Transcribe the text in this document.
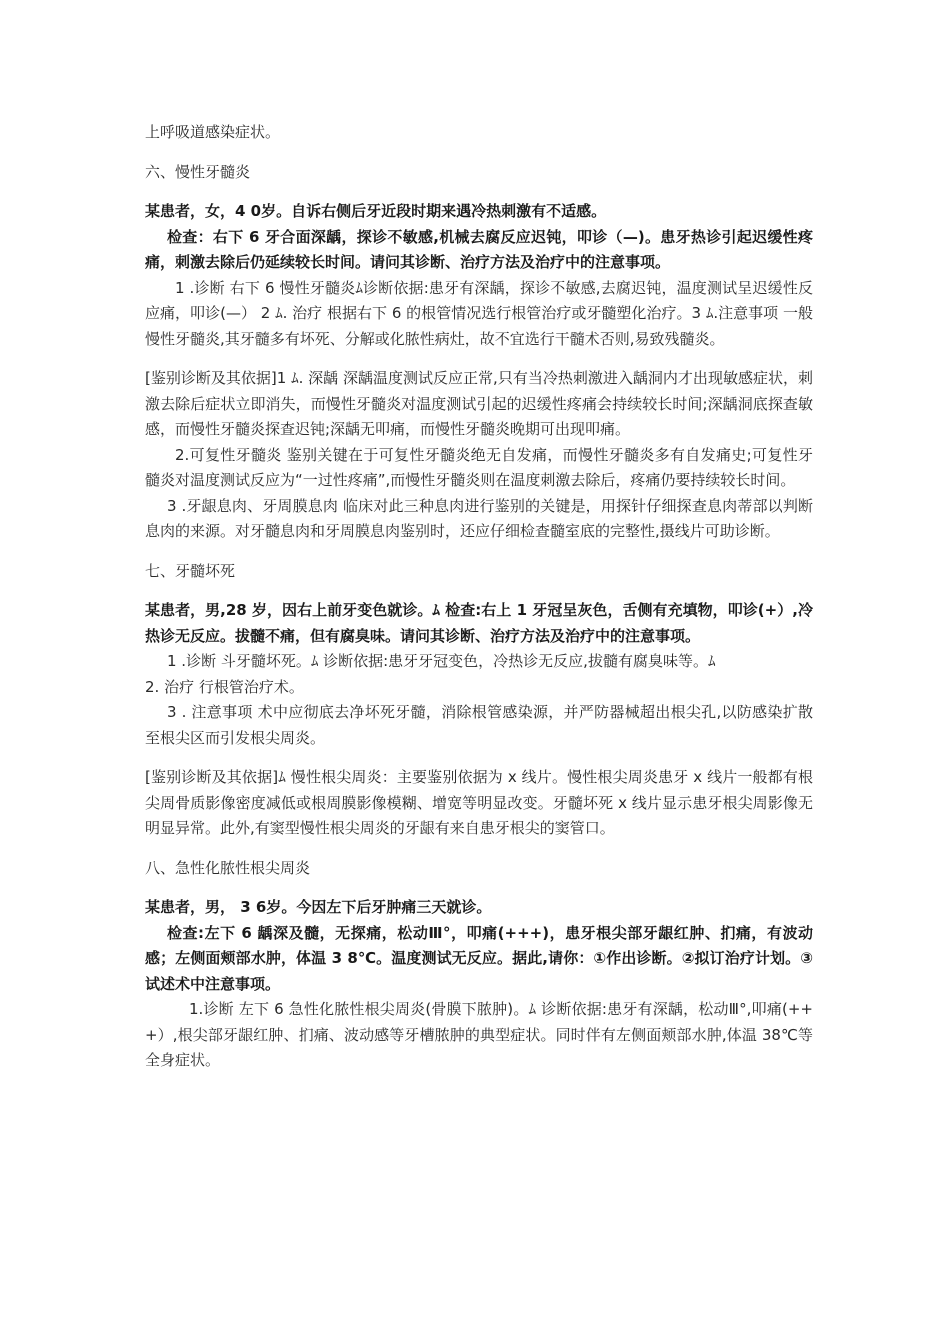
上呼吸道感染症状。

六、慢性牙髓炎

某患者，女，4 0岁。自诉右侧后牙近段时期来遇冷热刺激有不适感。

检查：右下 6 牙合面深龋，探诊不敏感,机械去腐反应迟钝，叩诊（—)。患牙热诊引起迟缓性疼痛，刺激去除后仍延续较长时间。请问其诊断、治疗方法及治疗中的注意事项。

1 .诊断 右下 6 慢性牙髓炎ﾑ诊断依据:患牙有深龋，探诊不敏感,去腐迟钝，温度测试呈迟缓性反应痛，叩诊(—） 2 ﾑ. 治疗 根据右下 6 的根管情况选行根管治疗或牙髓塑化治疗。3 ﾑ.注意事项 一般慢性牙髓炎,其牙髓多有坏死、分解或化脓性病灶，故不宜选行干髓术否则,易致残髓炎。

[鉴别诊断及其依据]1 ﾑ. 深龋 深龋温度测试反应正常,只有当冷热刺激进入龋洞内才出现敏感症状，刺激去除后症状立即消失，而慢性牙髓炎对温度测试引起的迟缓性疼痛会持续较长时间;深龋洞底探查敏感，而慢性牙髓炎探查迟钝;深龋无叩痛，而慢性牙髓炎晚期可出现叩痛。

2.可复性牙髓炎 鉴别关键在于可复性牙髓炎绝无自发痛，而慢性牙髓炎多有自发痛史;可复性牙髓炎对温度测试反应为“一过性疼痛”,而慢性牙髓炎则在温度刺激去除后，疼痛仍要持续较长时间。

3 .牙龈息肉、牙周膜息肉 临床对此三种息肉进行鉴别的关键是，用探针仔细探查息肉蒂部以判断息肉的来源。对牙髓息肉和牙周膜息肉鉴别时，还应仔细检查髓室底的完整性,摄线片可助诊断。

七、牙髓坏死

某患者，男,28 岁，因右上前牙变色就诊。ﾑ 检查:右上 1 牙冠呈灰色，舌侧有充填物，叩诊(+）,冷热诊无反应。拔髓不痛，但有腐臭味。请问其诊断、治疗方法及治疗中的注意事项。

1 .诊断 斗牙髓坏死。ﾑ 诊断依据:患牙牙冠变色，冷热诊无反应,拔髓有腐臭味等。ﾑ

2. 治疗 行根管治疗术。

3 . 注意事项 术中应彻底去净坏死牙髓，消除根管感染源，并严防器械超出根尖孔,以防感染扩散至根尖区而引发根尖周炎。

[鉴别诊断及其依据]ﾑ 慢性根尖周炎：主要鉴别依据为 x 线片。慢性根尖周炎患牙 x 线片一般都有根尖周骨质影像密度减低或根周膜影像模糊、增宽等明显改变。牙髓坏死 x 线片显示患牙根尖周影像无明显异常。此外,有窦型慢性根尖周炎的牙龈有来自患牙根尖的窦管口。

八、急性化脓性根尖周炎

某患者，男， 3 6岁。今因左下后牙肿痛三天就诊。

检查:左下 6 龋深及髓，无探痛，松动Ⅲ°，叩痛(+++)，患牙根尖部牙龈红肿、扪痛，有波动感；左侧面颊部水肿，体温 3 8℃。温度测试无反应。据此,请你：①作出诊断。②拟订治疗计划。③试述术中注意事项。

1.诊断 左下 6 急性化脓性根尖周炎(骨膜下脓肿)。ﾑ 诊断依据:患牙有深龋，松动Ⅲ°,叩痛(+++）,根尖部牙龈红肿、扪痛、波动感等牙槽脓肿的典型症状。同时伴有左侧面颊部水肿,体温 38℃等全身症状。
